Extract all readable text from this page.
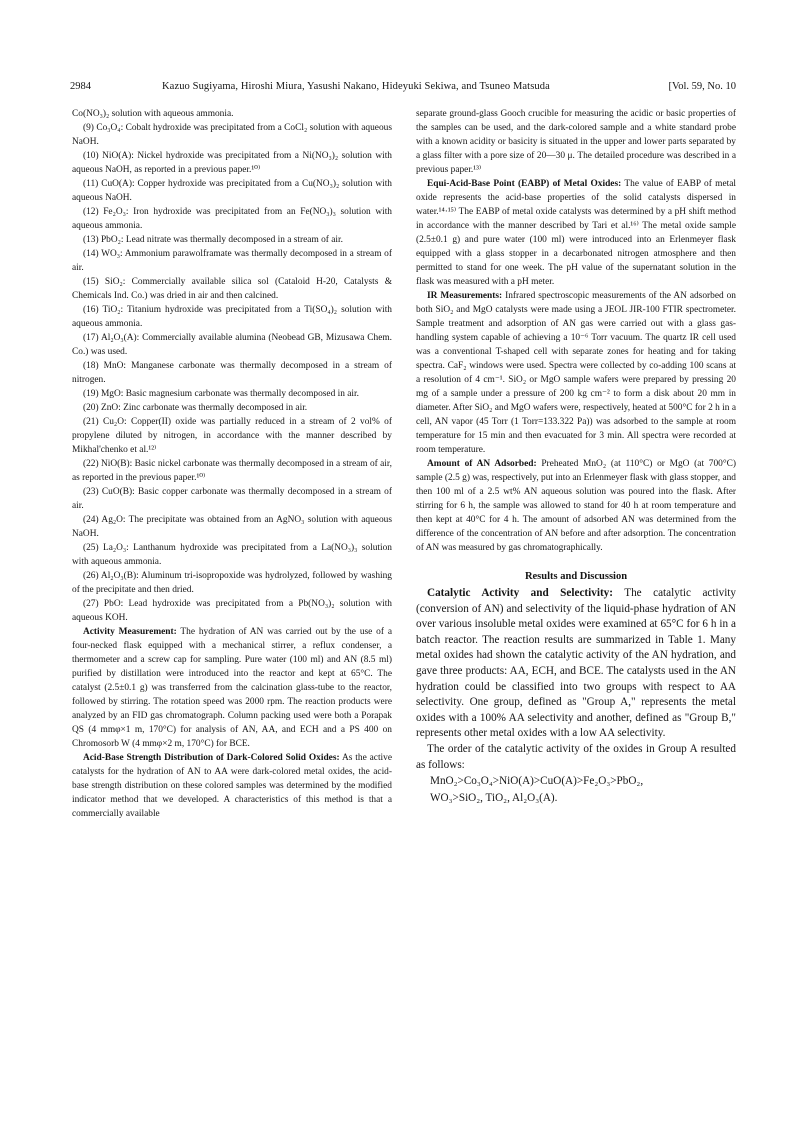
2984	Kazuo Sugiyama, Hiroshi Miura, Yasushi Nakano, Hideyuki Sekiwa, and Tsuneo Matsuda	[Vol. 59, No. 10

Co(NO₃)₂ solution with aqueous ammonia.

(9) Co₃O₄: Cobalt hydroxide was precipitated from a CoCl₂ solution with aqueous NaOH.

(10) NiO(A): Nickel hydroxide was precipitated from a Ni(NO₃)₂ solution with aqueous NaOH, as reported in a previous paper.¹⁰⁾

(11) CuO(A): Copper hydroxide was precipitated from a Cu(NO₃)₂ solution with aqueous NaOH.

(12) Fe₂O₃: Iron hydroxide was precipitated from an Fe(NO₃)₃ solution with aqueous ammonia.

(13) PbO₂: Lead nitrate was thermally decomposed in a stream of air.

(14) WO₃: Ammonium parawolframate was thermally decomposed in a stream of air.

(15) SiO₂: Commercially available silica sol (Cataloid H-20, Catalysts & Chemicals Ind. Co.) was dried in air and then calcined.

(16) TiO₂: Titanium hydroxide was precipitated from a Ti(SO₄)₂ solution with aqueous ammonia.

(17) Al₂O₃(A): Commercially available alumina (Neobead GB, Mizusawa Chem. Co.) was used.

(18) MnO: Manganese carbonate was thermally decomposed in a stream of nitrogen.

(19) MgO: Basic magnesium carbonate was thermally decomposed in air.

(20) ZnO: Zinc carbonate was thermally decomposed in air.

(21) Cu₂O: Copper(II) oxide was partially reduced in a stream of 2 vol% of propylene diluted by nitrogen, in accordance with the manner described by Mikhal'chenko et al.¹²⁾

(22) NiO(B): Basic nickel carbonate was thermally decomposed in a stream of air, as reported in the previous paper.¹⁰⁾

(23) CuO(B): Basic copper carbonate was thermally decomposed in a stream of air.

(24) Ag₂O: The precipitate was obtained from an AgNO₃ solution with aqueous NaOH.

(25) La₂O₃: Lanthanum hydroxide was precipitated from a La(NO₃)₃ solution with aqueous ammonia.

(26) Al₂O₃(B): Aluminum tri-isopropoxide was hydrolyzed, followed by washing of the precipitate and then dried.

(27) PbO: Lead hydroxide was precipitated from a Pb(NO₃)₂ solution with aqueous KOH.

Activity Measurement: The hydration of AN was carried out by the use of a four-necked flask equipped with a mechanical stirrer, a reflux condenser, a thermometer and a screw cap for sampling. Pure water (100 ml) and AN (8.5 ml) purified by distillation were introduced into the reactor and kept at 65°C. The catalyst (2.5±0.1 g) was transferred from the calcination glass-tube to the reactor, followed by stirring. The rotation speed was 2000 rpm. The reaction products were analyzed by an FID gas chromatograph. Column packing used were both a Porapak QS (4 mmφ×1 m, 170°C) for analysis of AN, AA, and ECH and a PS 400 on Chromosorb W (4 mmφ×2 m, 170°C) for BCE.

Acid-Base Strength Distribution of Dark-Colored Solid Oxides: As the active catalysts for the hydration of AN to AA were dark-colored metal oxides, the acid-base strength distribution on these colored samples was determined by the modified indicator method that we developed. A characteristics of this method is that a commercially available

separate ground-glass Gooch crucible for measuring the acidic or basic properties of the samples can be used, and the dark-colored sample and a white standard probe with a known acidity or basicity is situated in the upper and lower parts separated by a glass filter with a pore size of 20—30 μ. The detailed procedure was described in a previous paper.¹³⁾

Equi-Acid-Base Point (EABP) of Metal Oxides: The value of EABP of metal oxide represents the acid-base properties of the solid catalysts dispersed in water.¹⁴·¹⁵⁾ The EABP of metal oxide catalysts was determined by a pH shift method in accordance with the manner described by Tari et al.¹⁶⁾ The metal oxide sample (2.5±0.1 g) and pure water (100 ml) were introduced into an Erlenmeyer flask equipped with a glass stopper in a decarbonated nitrogen atmosphere and then permitted to stand for one week. The pH value of the supernatant solution in the flask was measured with a pH meter.

IR Measurements: Infrared spectroscopic measurements of the AN adsorbed on both SiO₂ and MgO catalysts were made using a JEOL JIR-100 FTIR spectrometer. Sample treatment and adsorption of AN gas were carried out with a glass gas-handling system capable of achieving a 10⁻⁶ Torr vacuum. The quartz IR cell used was a conventional T-shaped cell with separate zones for heating and for taking spectra. CaF₂ windows were used. Spectra were collected by co-adding 100 scans at a resolution of 4 cm⁻¹. SiO₂ or MgO sample wafers were prepared by pressing 20 mg of a sample under a pressure of 200 kg cm⁻² to form a disk about 20 mm in diameter. After SiO₂ and MgO wafers were, respectively, heated at 500°C for 2 h in a cell, AN vapor (45 Torr (1 Torr=133.322 Pa)) was adsorbed to the sample at room temperature for 15 min and then evacuated for 3 min. All spectra were recorded at room temperature.

Amount of AN Adsorbed: Preheated MnO₂ (at 110°C) or MgO (at 700°C) sample (2.5 g) was, respectively, put into an Erlenmeyer flask with glass stopper, and then 100 ml of a 2.5 wt% AN aqueous solution was poured into the flask. After stirring for 6 h, the sample was allowed to stand for 40 h at room temperature and then kept at 40°C for 4 h. The amount of adsorbed AN was determined from the difference of the concentration of AN before and after adsorption. The concentration of AN was measured by gas chromatographically.

Results and Discussion

Catalytic Activity and Selectivity: The catalytic activity (conversion of AN) and selectivity of the liquid-phase hydration of AN over various insoluble metal oxides were examined at 65°C for 6 h in a batch reactor. The reaction results are summarized in Table 1. Many metal oxides had shown the catalytic activity of the AN hydration, and gave three products: AA, ECH, and BCE. The catalysts used in the AN hydration could be classified into two groups with respect to AA selectivity. One group, defined as "Group A," represents the metal oxides with a 100% AA selectivity and another, defined as "Group B," represents other metal oxides with a low AA selectivity.

The order of the catalytic activity of the oxides in Group A resulted as follows:

MnO₂>Co₃O₄>NiO(A)>CuO(A)>Fe₂O₃>PbO₂,

WO₃>SiO₂, TiO₂, Al₂O₃(A).
